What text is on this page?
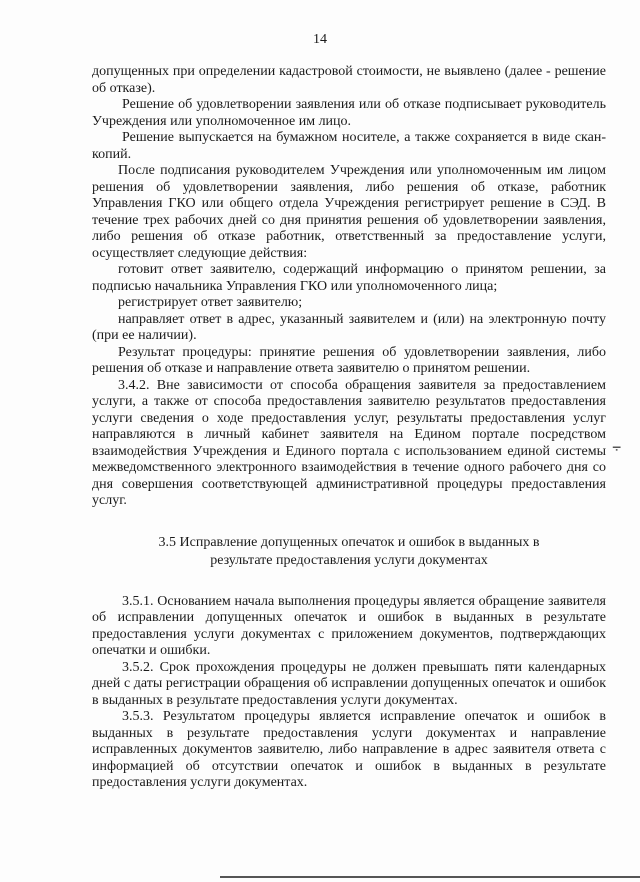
14

допущенных при определении кадастровой стоимости, не выявлено (далее - решение об отказе).

Решение об удовлетворении заявления или об отказе подписывает руководитель Учреждения или уполномоченное им лицо.

Решение выпускается на бумажном носителе, а также сохраняется в виде скан-копий.

После подписания руководителем Учреждения или уполномоченным им лицом решения об удовлетворении заявления, либо решения об отказе, работник Управления ГКО или общего отдела Учреждения регистрирует решение в СЭД. В течение трех рабочих дней со дня принятия решения об удовлетворении заявления, либо решения об отказе работник, ответственный за предоставление услуги, осуществляет следующие действия:

готовит ответ заявителю, содержащий информацию о принятом решении, за подписью начальника Управления ГКО или уполномоченного лица;

регистрирует ответ заявителю;

направляет ответ в адрес, указанный заявителем и (или) на электронную почту (при ее наличии).

Результат процедуры: принятие решения об удовлетворении заявления, либо решения об отказе и направление ответа заявителю о принятом решении.

3.4.2. Вне зависимости от способа обращения заявителя за предоставлением услуги, а также от способа предоставления заявителю результатов предоставления услуги сведения о ходе предоставления услуг, результаты предоставления услуг направляются в личный кабинет заявителя на Едином портале посредством взаимодействия Учреждения и Единого портала с использованием единой системы межведомственного электронного взаимодействия в течение одного рабочего дня со дня совершения соответствующей административной процедуры предоставления услуг.

3.5 Исправление допущенных опечаток и ошибок в выданных в
результате предоставления услуги документах

3.5.1. Основанием начала выполнения процедуры является обращение заявителя об исправлении допущенных опечаток и ошибок в выданных в результате предоставления услуги документах с приложением документов, подтверждающих опечатки и ошибки.

3.5.2. Срок прохождения процедуры не должен превышать пяти календарных дней с даты регистрации обращения об исправлении допущенных опечаток и ошибок в выданных в результате предоставления услуги документах.

3.5.3. Результатом процедуры является исправление опечаток и ошибок в выданных в результате предоставления услуги документах и направление исправленных документов заявителю, либо направление в адрес заявителя ответа с информацией об отсутствии опечаток и ошибок в выданных в результате предоставления услуги документах.

⨪
